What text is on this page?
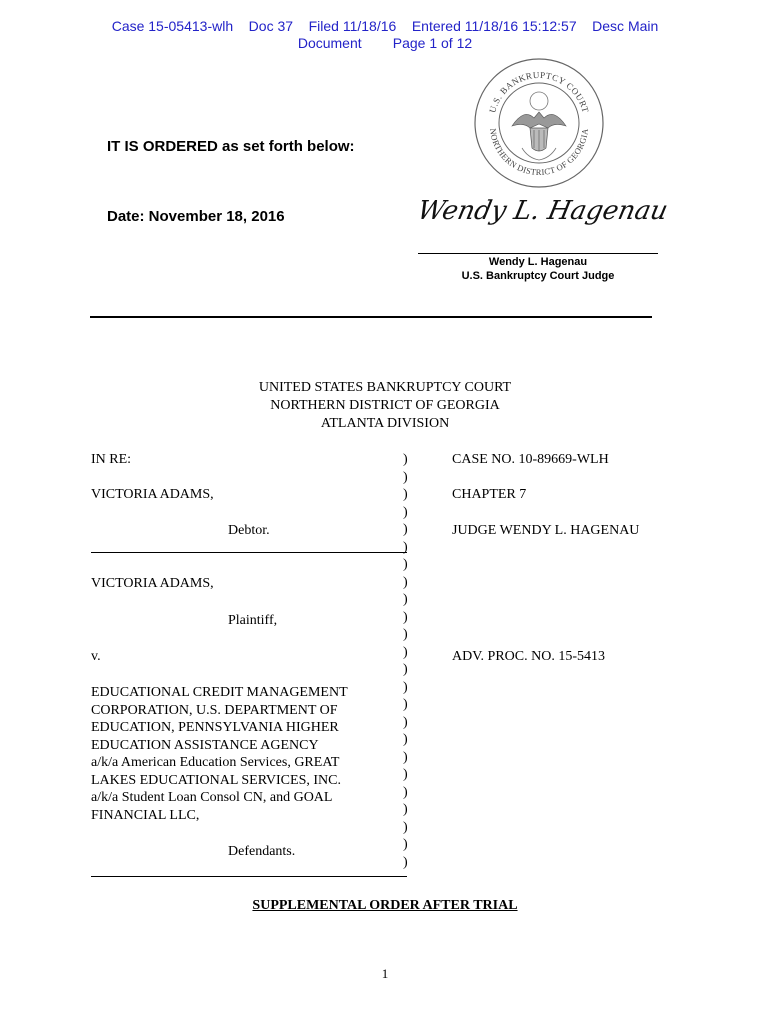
Case 15-05413-wlh    Doc 37    Filed 11/18/16    Entered 11/18/16 15:12:57    Desc Main
Document        Page 1 of 12
U.S. BANKRUPTCY COURT
NORTHERN DISTRICT OF GEORGIA
IT IS ORDERED as set forth below:
Date: November 18, 2016	Wendy L. Hagenau
Wendy L. Hagenau
U.S. Bankruptcy Court Judge
UNITED STATES BANKRUPTCY COURT
NORTHERN DISTRICT OF GEORGIA
ATLANTA DIVISION
IN RE:
VICTORIA ADAMS,
Debtor.
VICTORIA ADAMS,
Plaintiff,
v.
EDUCATIONAL CREDIT MANAGEMENT
CORPORATION, U.S. DEPARTMENT OF
EDUCATION, PENNSYLVANIA HIGHER
EDUCATION ASSISTANCE AGENCY
a/k/a American Education Services, GREAT
LAKES EDUCATIONAL SERVICES, INC.
a/k/a Student Loan Consol CN, and GOAL
FINANCIAL LLC,
Defendants.
)
)
)
)
)
)
)
)
)
)
)
)
)
)
)
)
)
)
)
)
)
)
)
)
CASE NO. 10-89669-WLH
CHAPTER 7
JUDGE WENDY L. HAGENAU
ADV. PROC. NO. 15-5413
SUPPLEMENTAL ORDER AFTER TRIAL
1
